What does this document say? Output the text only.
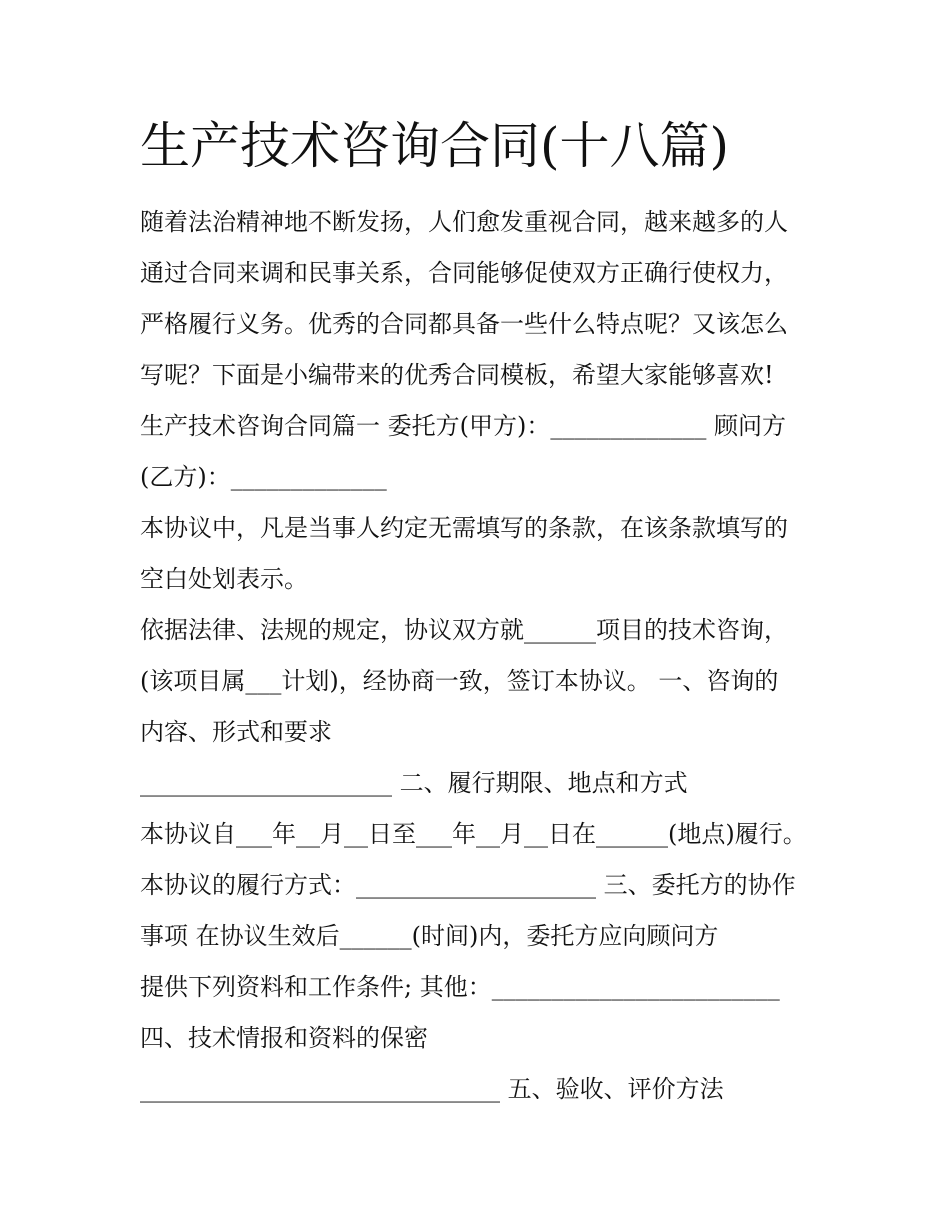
生产技术咨询合同(十八篇)

随着法治精神地不断发扬，人们愈发重视合同，越来越多的人

通过合同来调和民事关系，合同能够促使双方正确行使权力，

严格履行义务。优秀的合同都具备一些什么特点呢？又该怎么

写呢？下面是小编带来的优秀合同模板，希望大家能够喜欢!

生产技术咨询合同篇一 委托方(甲方)：_____________ 顾问方

(乙方)：_____________

本协议中，凡是当事人约定无需填写的条款，在该条款填写的

空白处划表示。

依据法律、法规的规定，协议双方就______项目的技术咨询，

(该项目属___计划)，经协商一致，签订本协议。 一、咨询的

内容、形式和要求

_____________________ 二、履行期限、地点和方式

本协议自___年__月__日至___年__月__日在______(地点)履行。

本协议的履行方式：____________________ 三、委托方的协作

事项 在协议生效后______(时间)内，委托方应向顾问方

提供下列资料和工作条件; 其他：________________________

四、技术情报和资料的保密

______________________________ 五、验收、评价方法
